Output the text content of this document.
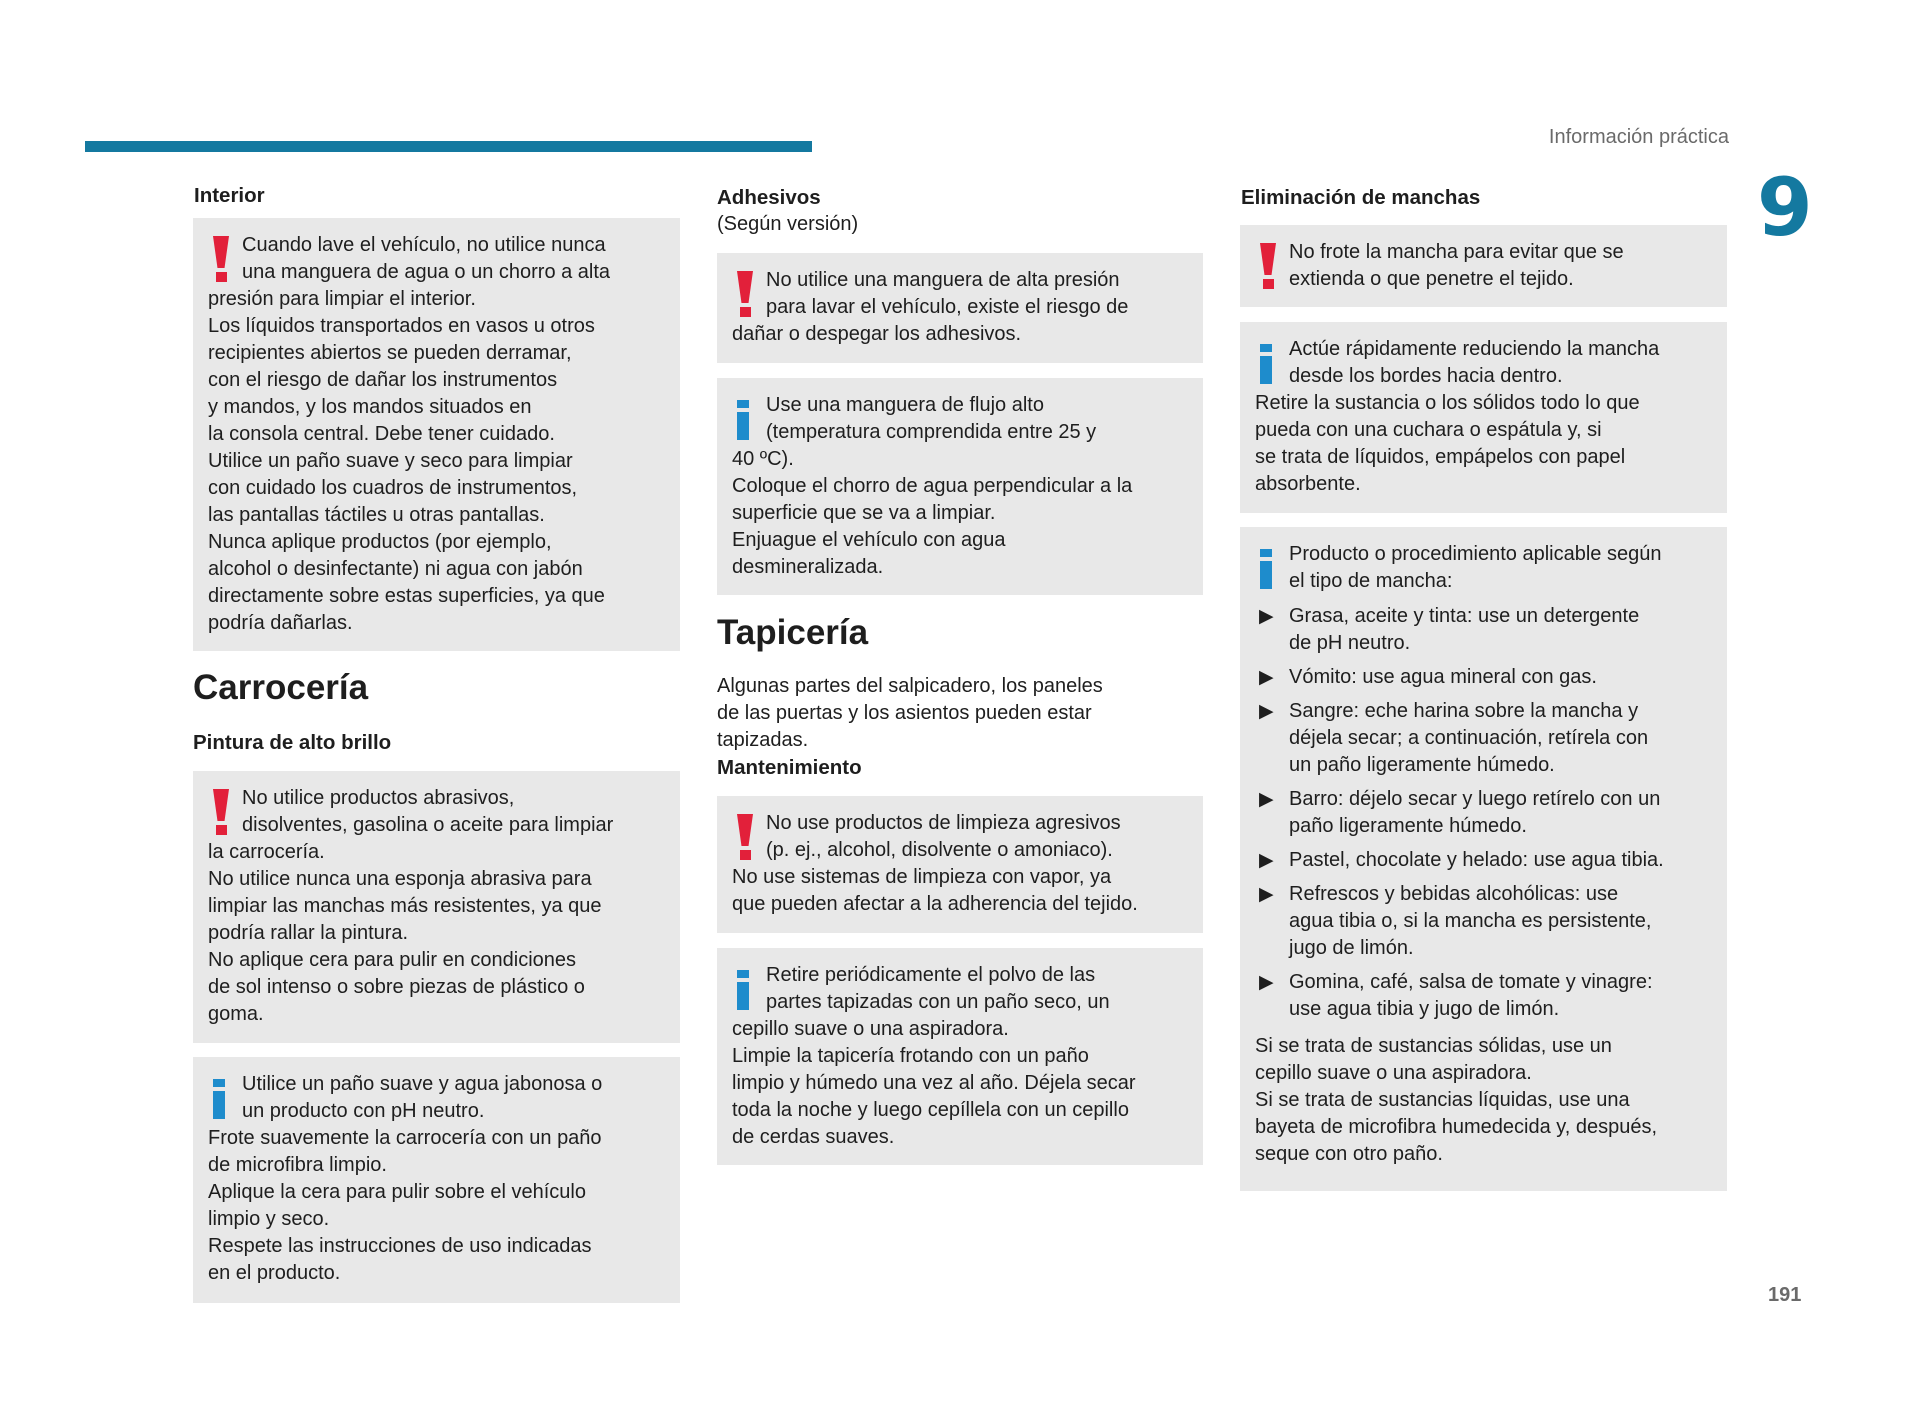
Información práctica
9
191
Interior

Cuando lave el vehículo, no utilice nunca
una manguera de agua o un chorro a alta
presión para limpiar el interior.
Los líquidos transportados en vasos u otros
recipientes abiertos se pueden derramar,
con el riesgo de dañar los instrumentos
y mandos, y los mandos situados en
la consola central. Debe tener cuidado.
Utilice un paño suave y seco para limpiar
con cuidado los cuadros de instrumentos,
las pantallas táctiles u otras pantallas.
Nunca aplique productos (por ejemplo,
alcohol o desinfectante) ni agua con jabón
directamente sobre estas superficies, ya que
podría dañarlas.

Carrocería
Pintura de alto brillo

No utilice productos abrasivos,
disolventes, gasolina o aceite para limpiar
la carrocería.
No utilice nunca una esponja abrasiva para
limpiar las manchas más resistentes, ya que
podría rallar la pintura.
No aplique cera para pulir en condiciones
de sol intenso o sobre piezas de plástico o
goma.

Utilice un paño suave y agua jabonosa o
un producto con pH neutro.
Frote suavemente la carrocería con un paño
de microfibra limpio.
Aplique la cera para pulir sobre el vehículo
limpio y seco.
Respete las instrucciones de uso indicadas
en el producto.

Adhesivos
(Según versión)

No utilice una manguera de alta presión
para lavar el vehículo, existe el riesgo de
dañar o despegar los adhesivos.

Use una manguera de flujo alto
(temperatura comprendida entre 25 y
40 ºC).
Coloque el chorro de agua perpendicular a la
superficie que se va a limpiar.
Enjuague el vehículo con agua
desmineralizada.

Tapicería
Algunas partes del salpicadero, los paneles
de las puertas y los asientos pueden estar
tapizadas.
Mantenimiento

No use productos de limpieza agresivos
(p. ej., alcohol, disolvente o amoniaco).
No use sistemas de limpieza con vapor, ya
que pueden afectar a la adherencia del tejido.

Retire periódicamente el polvo de las
partes tapizadas con un paño seco, un
cepillo suave o una aspiradora.
Limpie la tapicería frotando con un paño
limpio y húmedo una vez al año. Déjela secar
toda la noche y luego cepíllela con un cepillo
de cerdas suaves.

Eliminación de manchas

No frote la mancha para evitar que se
extienda o que penetre el tejido.

Actúe rápidamente reduciendo la mancha
desde los bordes hacia dentro.
Retire la sustancia o los sólidos todo lo que
pueda con una cuchara o espátula y, si
se trata de líquidos, empápelos con papel
absorbente.

Producto o procedimiento aplicable según
el tipo de mancha:

▶ Grasa, aceite y tinta: use un detergente
de pH neutro.
▶ Vómito: use agua mineral con gas.
▶ Sangre: eche harina sobre la mancha y
déjela secar; a continuación, retírela con
un paño ligeramente húmedo.
▶ Barro: déjelo secar y luego retírelo con un
paño ligeramente húmedo.
▶ Pastel, chocolate y helado: use agua tibia.
▶ Refrescos y bebidas alcohólicas: use
agua tibia o, si la mancha es persistente,
jugo de limón.
▶ Gomina, café, salsa de tomate y vinagre:
use agua tibia y jugo de limón.

Si se trata de sustancias sólidas, use un
cepillo suave o una aspiradora.
Si se trata de sustancias líquidas, use una
bayeta de microfibra humedecida y, después,
seque con otro paño.
